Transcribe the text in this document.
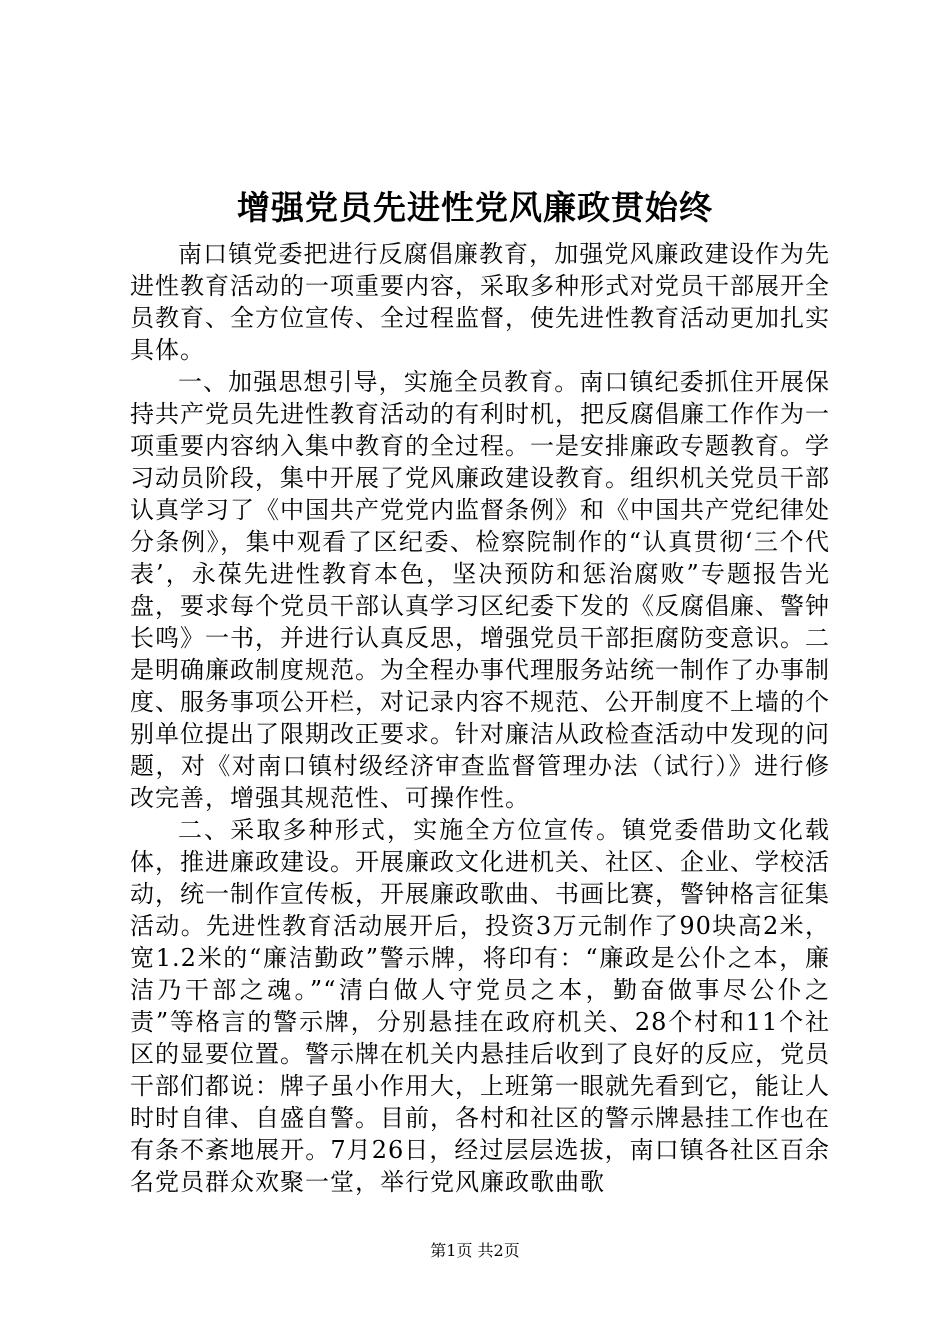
增强党员先进性党风廉政贯始终

南口镇党委把进行反腐倡廉教育，加强党风廉政建设作为先进性教育活动的一项重要内容，采取多种形式对党员干部展开全员教育、全方位宣传、全过程监督，使先进性教育活动更加扎实具体。

一、加强思想引导，实施全员教育。南口镇纪委抓住开展保持共产党员先进性教育活动的有利时机，把反腐倡廉工作作为一项重要内容纳入集中教育的全过程。一是安排廉政专题教育。学习动员阶段，集中开展了党风廉政建设教育。组织机关党员干部认真学习了《中国共产党党内监督条例》和《中国共产党纪律处分条例》，集中观看了区纪委、检察院制作的“认真贯彻‘三个代表’，永葆先进性教育本色，坚决预防和惩治腐败”专题报告光盘，要求每个党员干部认真学习区纪委下发的《反腐倡廉、警钟长鸣》一书，并进行认真反思，增强党员干部拒腐防变意识。二是明确廉政制度规范。为全程办事代理服务站统一制作了办事制度、服务事项公开栏，对记录内容不规范、公开制度不上墙的个别单位提出了限期改正要求。针对廉洁从政检查活动中发现的问题，对《对南口镇村级经济审查监督管理办法（试行）》进行修改完善，增强其规范性、可操作性。

二、采取多种形式，实施全方位宣传。镇党委借助文化载体，推进廉政建设。开展廉政文化进机关、社区、企业、学校活动，统一制作宣传板，开展廉政歌曲、书画比赛，警钟格言征集活动。先进性教育活动展开后，投资3万元制作了90块高2米，宽1.2米的“廉洁勤政”警示牌，将印有：“廉政是公仆之本，廉洁乃干部之魂。”“清白做人守党员之本，勤奋做事尽公仆之责”等格言的警示牌，分别悬挂在政府机关、28个村和11个社区的显要位置。警示牌在机关内悬挂后收到了良好的反应，党员干部们都说：牌子虽小作用大，上班第一眼就先看到它，能让人时时自律、自盛自警。目前，各村和社区的警示牌悬挂工作也在有条不紊地展开。7月26日，经过层层选拔，南口镇各社区百余名党员群众欢聚一堂，举行党风廉政歌曲歌

第1页 共2页
